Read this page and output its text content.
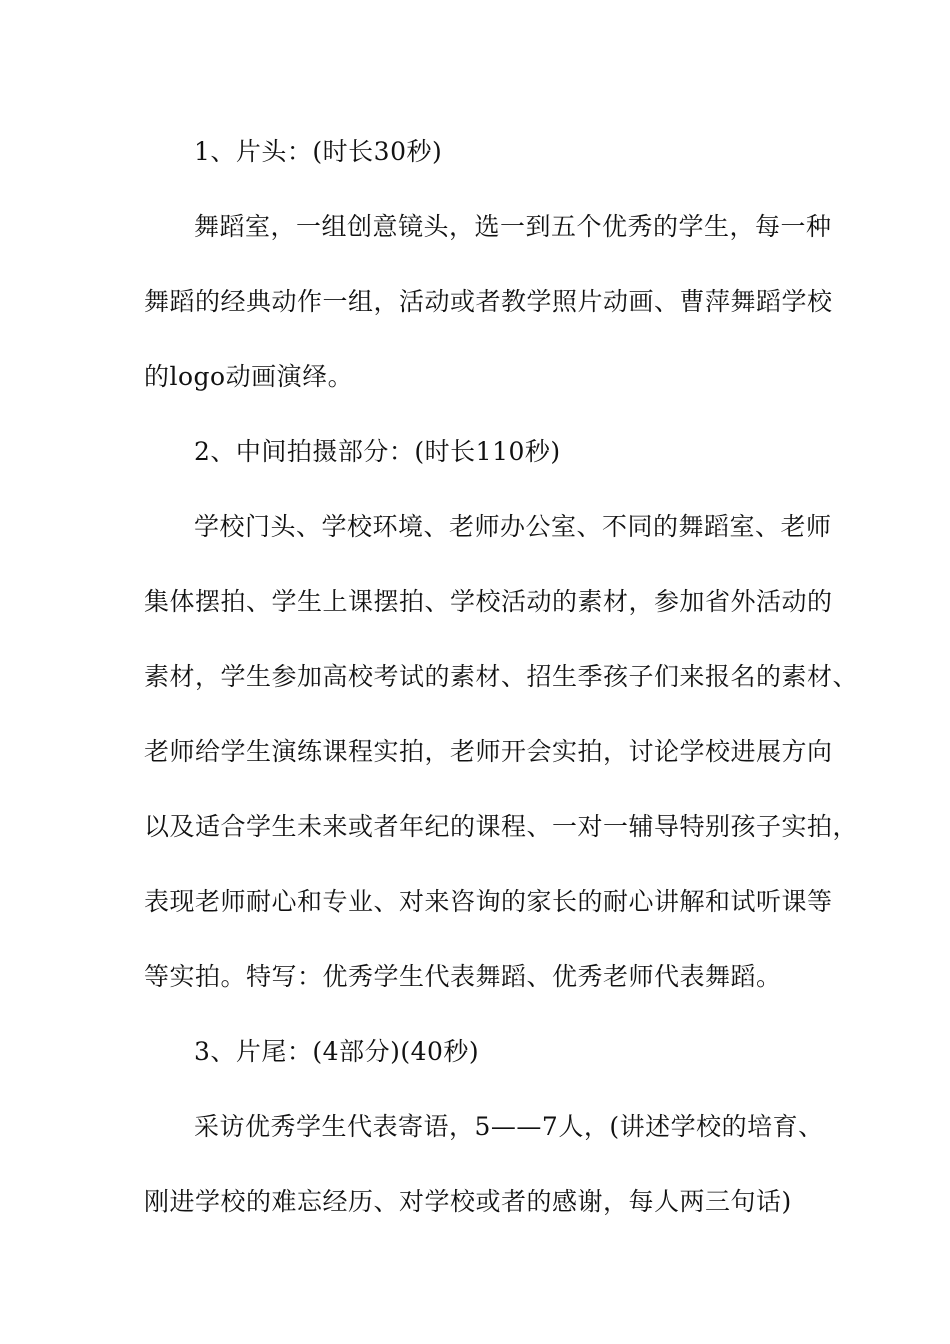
1、片头：(时长30秒)
舞蹈室，一组创意镜头，选一到五个优秀的学生，每一种
舞蹈的经典动作一组，活动或者教学照片动画、曹萍舞蹈学校
的logo动画演绎。
2、中间拍摄部分：(时长110秒)
学校门头、学校环境、老师办公室、不同的舞蹈室、老师
集体摆拍、学生上课摆拍、学校活动的素材，参加省外活动的
素材，学生参加高校考试的素材、招生季孩子们来报名的素材、
老师给学生演练课程实拍，老师开会实拍，讨论学校进展方向
以及适合学生未来或者年纪的课程、一对一辅导特别孩子实拍，
表现老师耐心和专业、对来咨询的家长的耐心讲解和试听课等
等实拍。特写：优秀学生代表舞蹈、优秀老师代表舞蹈。
3、片尾：(4部分)(40秒)
采访优秀学生代表寄语，5——7人，(讲述学校的培育、
刚进学校的难忘经历、对学校或者的感谢，每人两三句话)
